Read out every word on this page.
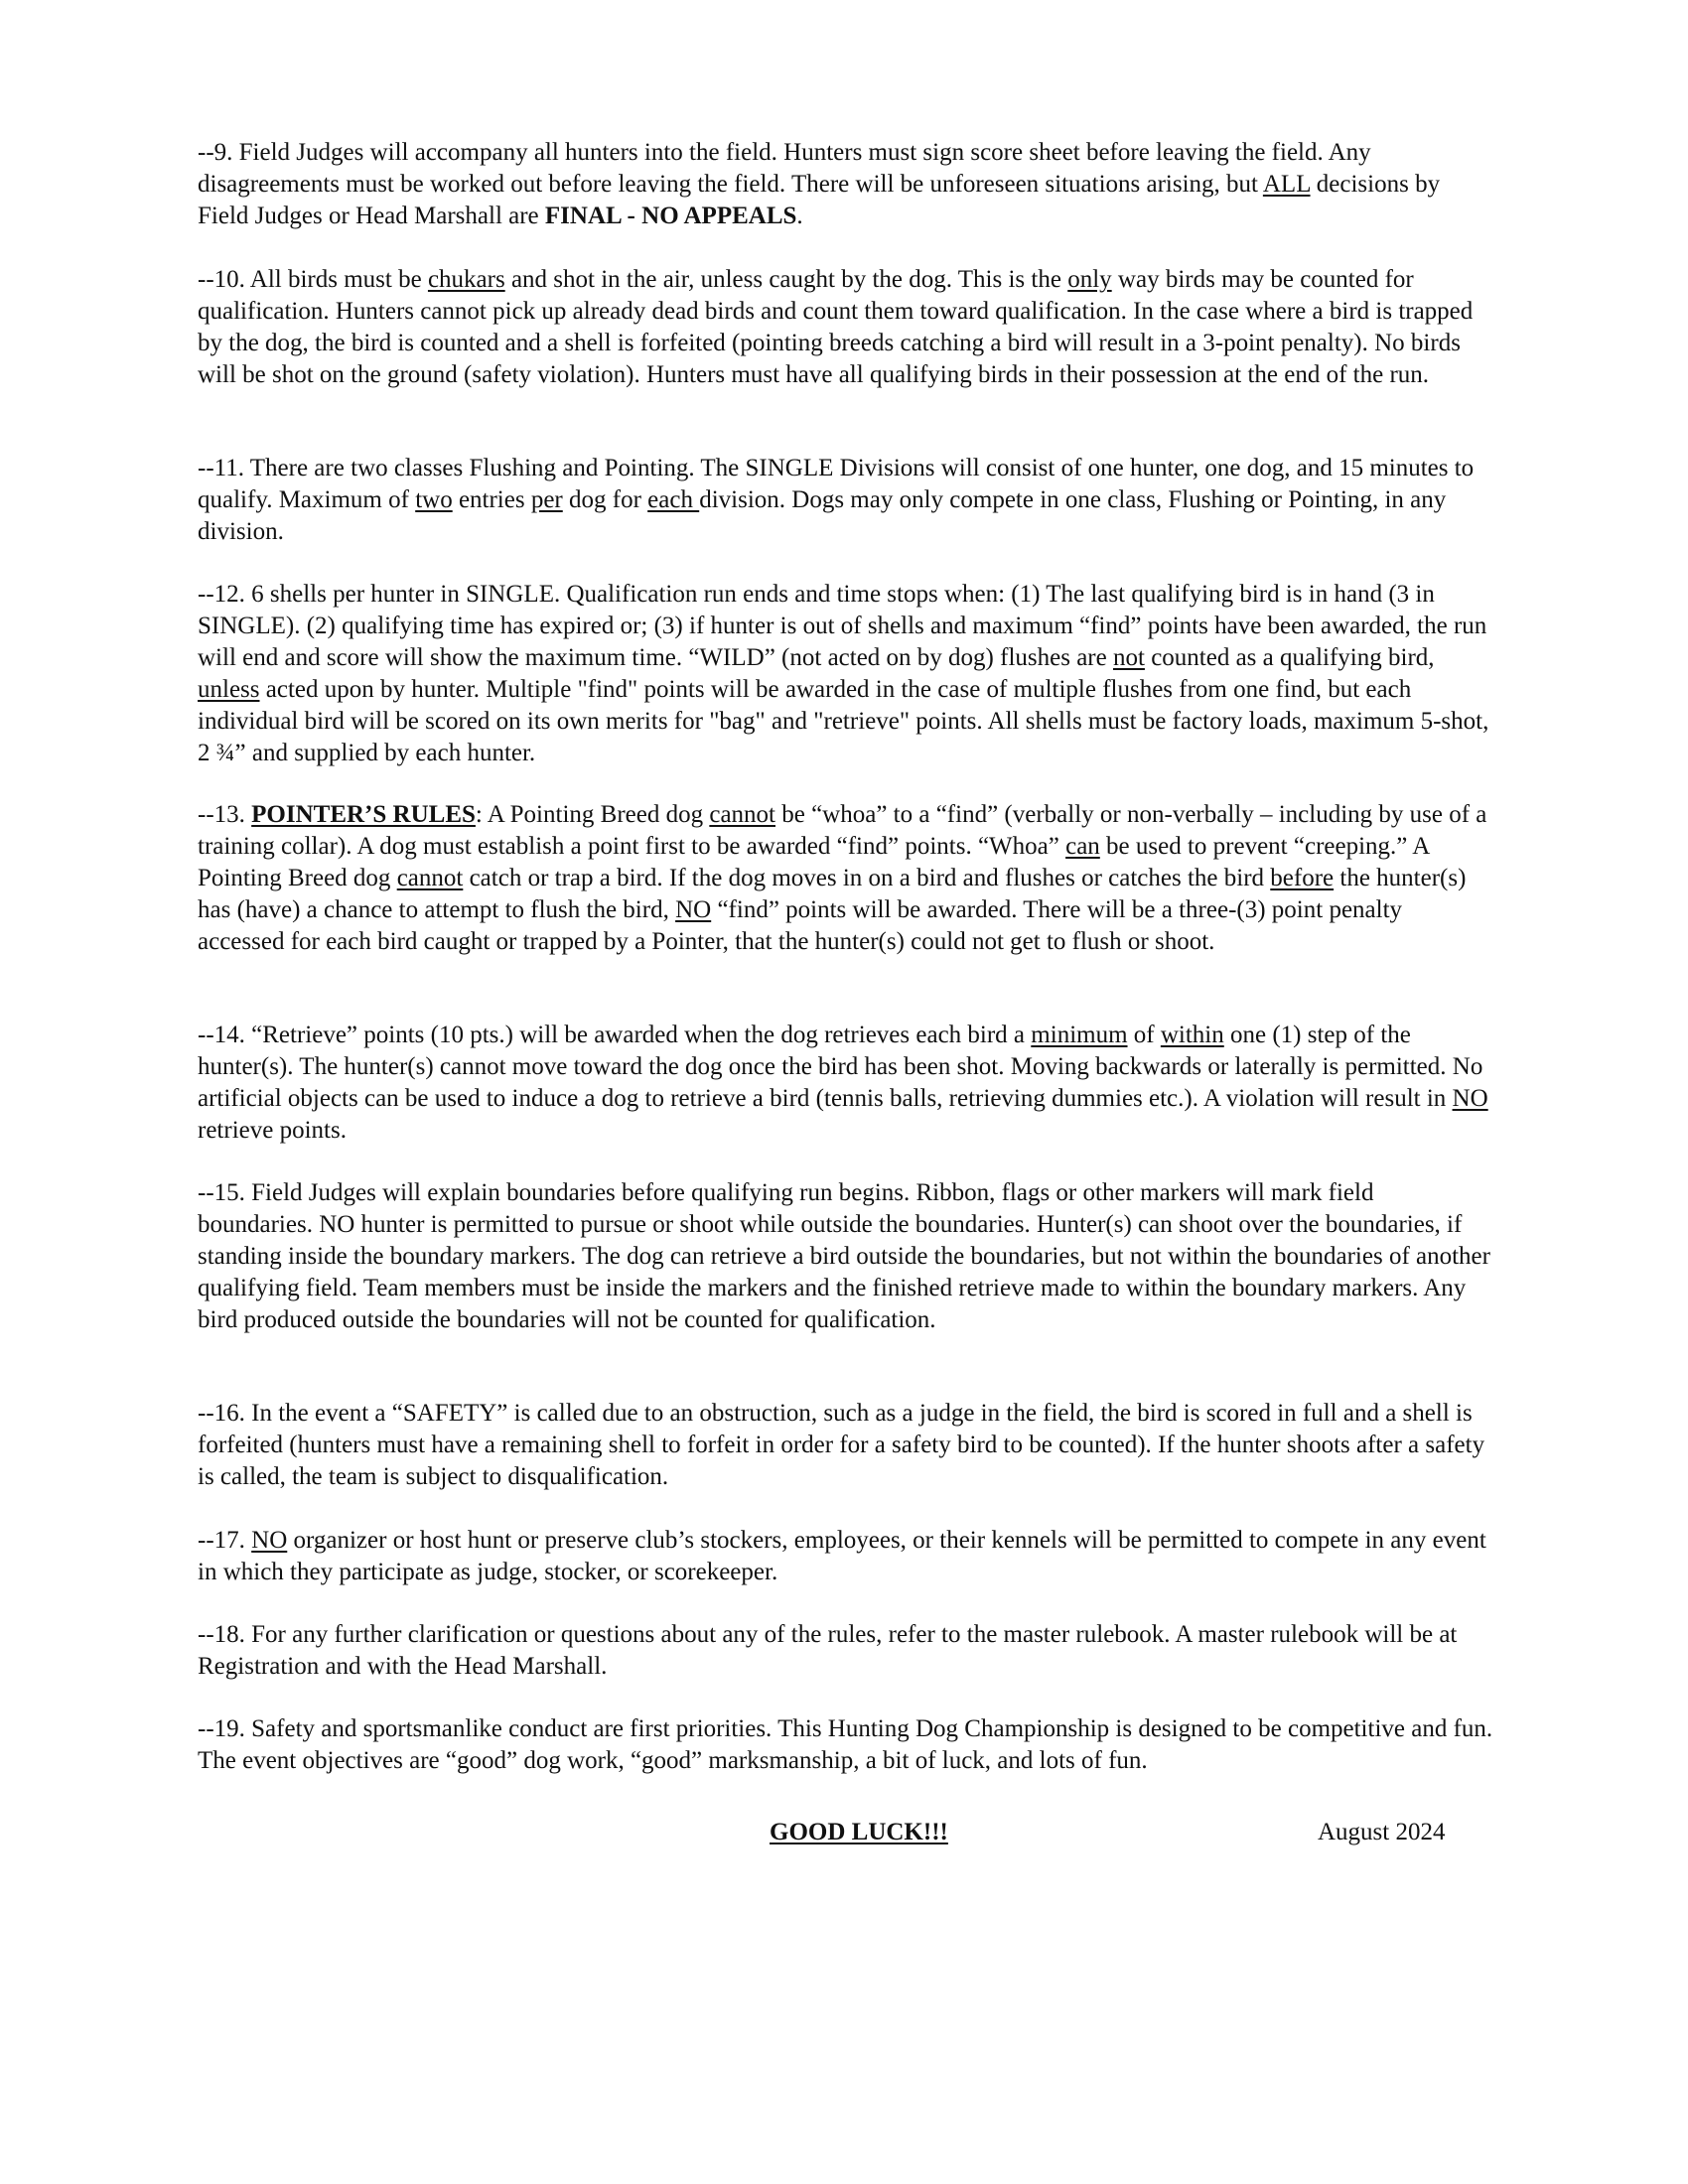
--9. Field Judges will accompany all hunters into the field. Hunters must sign score sheet before leaving the field. Any disagreements must be worked out before leaving the field. There will be unforeseen situations arising, but ALL decisions by Field Judges or Head Marshall are FINAL - NO APPEALS.

--10. All birds must be chukars and shot in the air, unless caught by the dog. This is the only way birds may be counted for qualification. Hunters cannot pick up already dead birds and count them toward qualification. In the case where a bird is trapped by the dog, the bird is counted and a shell is forfeited (pointing breeds catching a bird will result in a 3-point penalty). No birds will be shot on the ground (safety violation). Hunters must have all qualifying birds in their possession at the end of the run.

--11. There are two classes Flushing and Pointing. The SINGLE Divisions will consist of one hunter, one dog, and 15 minutes to qualify. Maximum of two entries per dog for each division. Dogs may only compete in one class, Flushing or Pointing, in any division.

--12. 6 shells per hunter in SINGLE. Qualification run ends and time stops when: (1) The last qualifying bird is in hand (3 in SINGLE). (2) qualifying time has expired or; (3) if hunter is out of shells and maximum “find” points have been awarded, the run will end and score will show the maximum time. “WILD” (not acted on by dog) flushes are not counted as a qualifying bird, unless acted upon by hunter. Multiple "find" points will be awarded in the case of multiple flushes from one find, but each individual bird will be scored on its own merits for "bag" and "retrieve" points. All shells must be factory loads, maximum 5-shot, 2 ¾” and supplied by each hunter.

--13. POINTER’S RULES: A Pointing Breed dog cannot be “whoa” to a “find” (verbally or non-verbally – including by use of a training collar). A dog must establish a point first to be awarded “find” points. “Whoa” can be used to prevent “creeping.” A Pointing Breed dog cannot catch or trap a bird. If the dog moves in on a bird and flushes or catches the bird before the hunter(s) has (have) a chance to attempt to flush the bird, NO “find” points will be awarded. There will be a three-(3) point penalty accessed for each bird caught or trapped by a Pointer, that the hunter(s) could not get to flush or shoot.

--14. “Retrieve” points (10 pts.) will be awarded when the dog retrieves each bird a minimum of within one (1) step of the hunter(s). The hunter(s) cannot move toward the dog once the bird has been shot. Moving backwards or laterally is permitted. No artificial objects can be used to induce a dog to retrieve a bird (tennis balls, retrieving dummies etc.). A violation will result in NO retrieve points.

--15. Field Judges will explain boundaries before qualifying run begins. Ribbon, flags or other markers will mark field boundaries. NO hunter is permitted to pursue or shoot while outside the boundaries. Hunter(s) can shoot over the boundaries, if standing inside the boundary markers. The dog can retrieve a bird outside the boundaries, but not within the boundaries of another qualifying field. Team members must be inside the markers and the finished retrieve made to within the boundary markers. Any bird produced outside the boundaries will not be counted for qualification.

--16. In the event a “SAFETY” is called due to an obstruction, such as a judge in the field, the bird is scored in full and a shell is forfeited (hunters must have a remaining shell to forfeit in order for a safety bird to be counted). If the hunter shoots after a safety is called, the team is subject to disqualification.

--17. NO organizer or host hunt or preserve club’s stockers, employees, or their kennels will be permitted to compete in any event in which they participate as judge, stocker, or scorekeeper.

--18. For any further clarification or questions about any of the rules, refer to the master rulebook. A master rulebook will be at Registration and with the Head Marshall.

--19. Safety and sportsmanlike conduct are first priorities. This Hunting Dog Championship is designed to be competitive and fun. The event objectives are “good” dog work, “good” marksmanship, a bit of luck, and lots of fun.

GOOD LUCK!!!	August 2024
